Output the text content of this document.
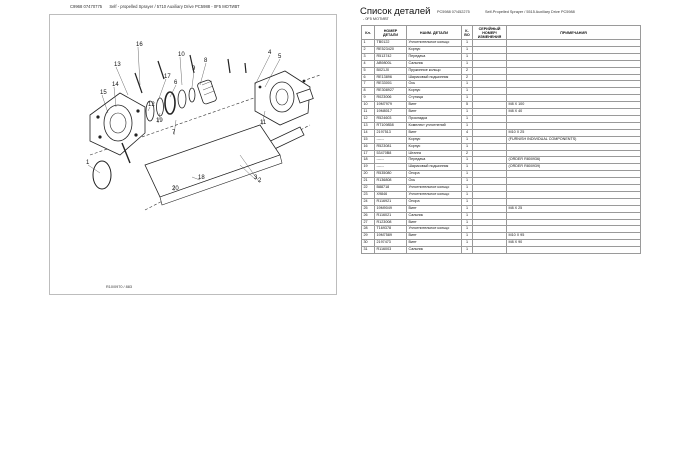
C9968 07470775 Self - propelled Sprayer / 5710 Auxiliary Drive PC5988 - 0F5 МОТИВТ
1
2
3
4
5
6
7
8
9
10
11
12
13
14
15
16
17
18
19
20
R10/0970 / 883
Список деталей PC5988 07/452275	Self-Propelled Sprayer / 5515 Auxiliary Drive PC5988
- 0F5 МОТИВТ
Кл.	НОМЕР ДЕТАЛИ	НАИМ. ДЕТАЛИ	К-ВО	СЕРИЙНЫЙ НОМЕР/ИЗМЕНЕНИЯ	ПРИМЕЧАНИЯ
1	TB0122	Уплотнительное кольцо	1		
2	RE523420	Корпус	1		
3	R513742	Передача	1		
4	AB9800L	Сальник	1		
5	B021J0	Пружинное кольцо	2		
6	RE13896	Шариковый подшипник	2		
7	RE33001	Ось	1		
8	RE308927	Корпус	1		
9	R023006	Ступица	1		
10	19M7979	Винт	5		M8 X 100
11	19M8017	Винт	1		M8 X 40
12	R524603	Прокладка	1		
13	RT109858	Комплект уплотнений	1		
14	2197513	Винт	4		M10 X 25
15	------	Корпус	1		(FURNISH INDIVIDUAL COMPONENTS)
16	R523081	Корпус	1		
17	53470B8	Штанга	2		
18	------	Передача	1		(ORDER R800936)
19	------	Шариковый подшипник	1		(ORDER R800939)
20	R535080	Опора	1		
21	R136808	Ось	1		
22	B88718	Уплотнительное кольцо	1		
23	X9846	Уплотнительное кольцо	1		
24	R116921	Опора	1		
25	19M9049	Винт	1		M8 X 25
26	R116021	Сальник	1		
27	R123008	Винт	1		
28	T169378	Уплотнительное кольцо	1		
29	19M7589	Винт	1		M10 X 95
30	2197473	Винт	1		M8 X 90
31	R116003	Сальник	1		
